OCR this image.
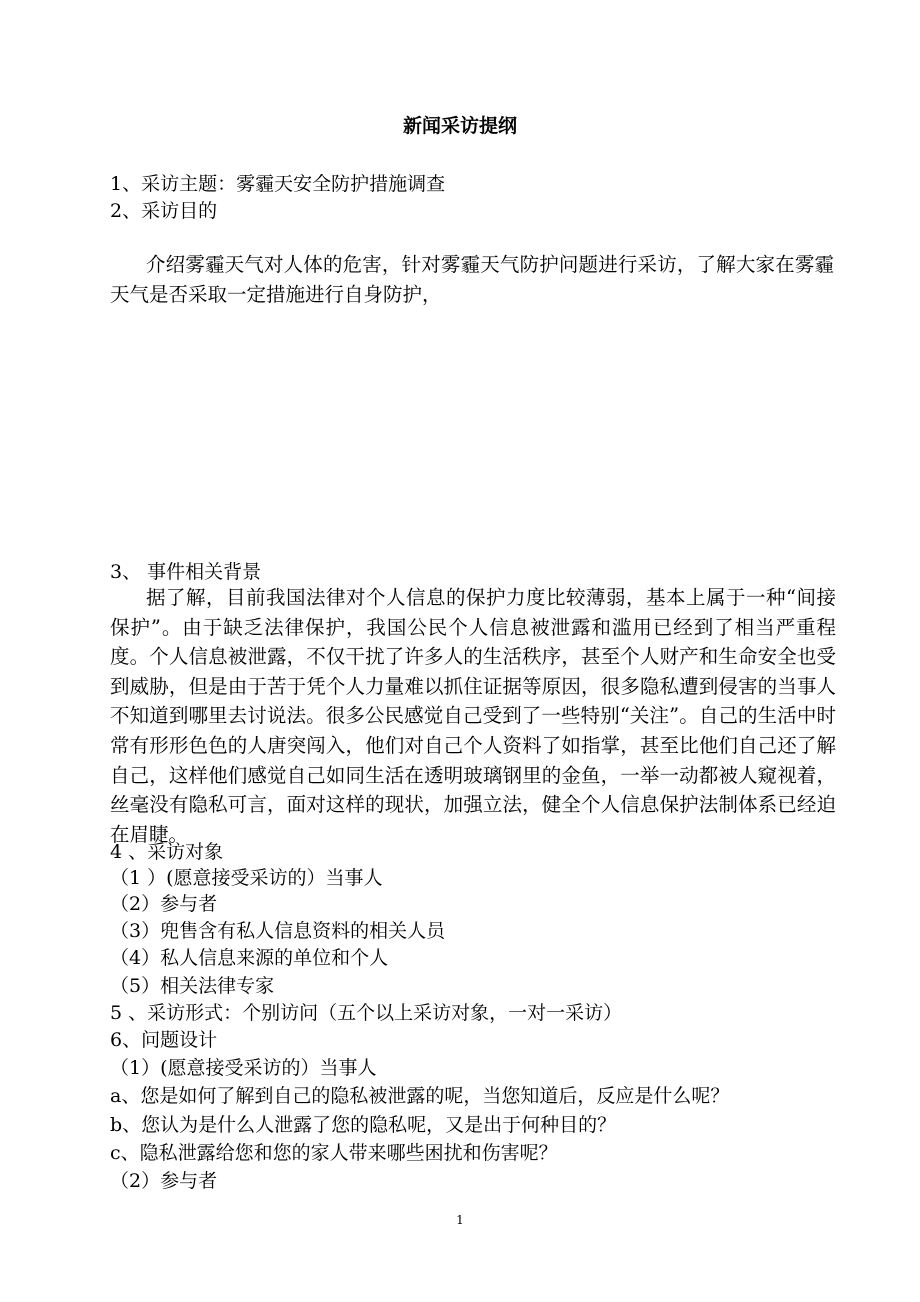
新闻采访提纲
1、采访主题：雾霾天安全防护措施调查
2、采访目的
介绍雾霾天气对人体的危害，针对雾霾天气防护问题进行采访，了解大家在雾霾天气是否采取一定措施进行自身防护，
3、 事件相关背景
据了解，目前我国法律对个人信息的保护力度比较薄弱，基本上属于一种“间接保护”。由于缺乏法律保护，我国公民个人信息被泄露和滥用已经到了相当严重程度。个人信息被泄露，不仅干扰了许多人的生活秩序，甚至个人财产和生命安全也受到威胁，但是由于苦于凭个人力量难以抓住证据等原因，很多隐私遭到侵害的当事人不知道到哪里去讨说法。很多公民感觉自己受到了一些特别“关注”。自己的生活中时常有形形色色的人唐突闯入，他们对自己个人资料了如指掌，甚至比他们自己还了解自己，这样他们感觉自己如同生活在透明玻璃钢里的金鱼，一举一动都被人窥视着，丝毫没有隐私可言，面对这样的现状，加强立法，健全个人信息保护法制体系已经迫在眉睫。
4 、采访对象
（1 ）(愿意接受采访的）当事人
（2）参与者
（3）兜售含有私人信息资料的相关人员
（4）私人信息来源的单位和个人
（5）相关法律专家
5 、采访形式：个别访问（五个以上采访对象，一对一采访）
6、问题设计
（1）(愿意接受采访的）当事人
a、您是如何了解到自己的隐私被泄露的呢，当您知道后，反应是什么呢？
b、您认为是什么人泄露了您的隐私呢，又是出于何种目的？
c、隐私泄露给您和您的家人带来哪些困扰和伤害呢？
（2）参与者
1
